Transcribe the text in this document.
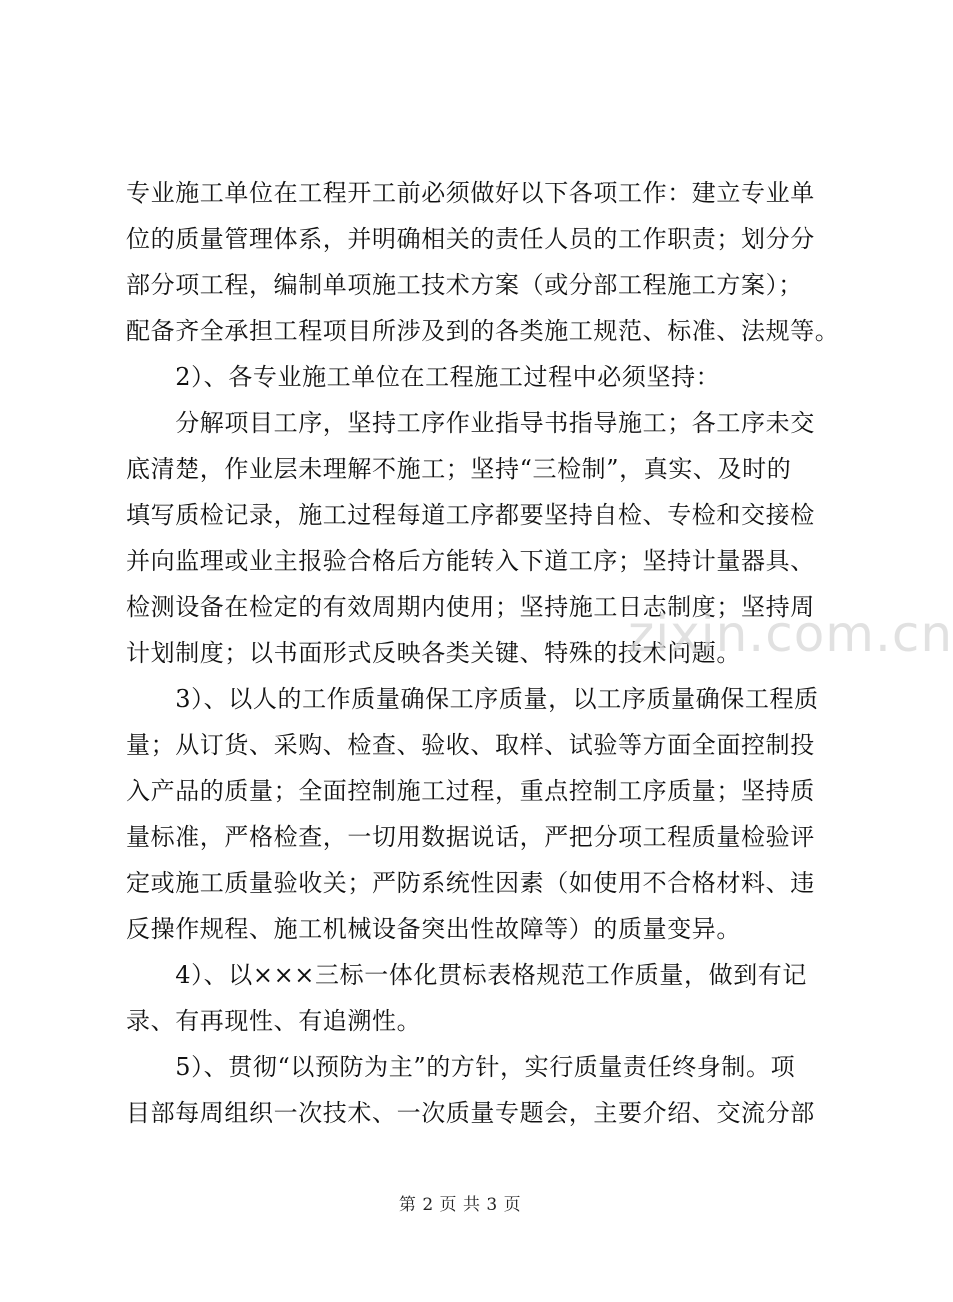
专业施工单位在工程开工前必须做好以下各项工作：建立专业单
位的质量管理体系，并明确相关的责任人员的工作职责；划分分
部分项工程，编制单项施工技术方案（或分部工程施工方案）；
配备齐全承担工程项目所涉及到的各类施工规范、标准、法规等。
　　2）、各专业施工单位在工程施工过程中必须坚持：
　　分解项目工序，坚持工序作业指导书指导施工；各工序未交
底清楚，作业层未理解不施工；坚持“三检制”，真实、及时的
填写质检记录，施工过程每道工序都要坚持自检、专检和交接检
并向监理或业主报验合格后方能转入下道工序；坚持计量器具、
检测设备在检定的有效周期内使用；坚持施工日志制度；坚持周
计划制度；以书面形式反映各类关键、特殊的技术问题。
　　3）、以人的工作质量确保工序质量，以工序质量确保工程质
量；从订货、采购、检查、验收、取样、试验等方面全面控制投
入产品的质量；全面控制施工过程，重点控制工序质量；坚持质
量标准，严格检查，一切用数据说话，严把分项工程质量检验评
定或施工质量验收关；严防系统性因素（如使用不合格材料、违
反操作规程、施工机械设备突出性故障等）的质量变异。
　　4）、以×××三标一体化贯标表格规范工作质量，做到有记
录、有再现性、有追溯性。
　　5）、贯彻“以预防为主”的方针，实行质量责任终身制。项
目部每周组织一次技术、一次质量专题会，主要介绍、交流分部
zixin.com.cn
第 2 页 共 3 页
